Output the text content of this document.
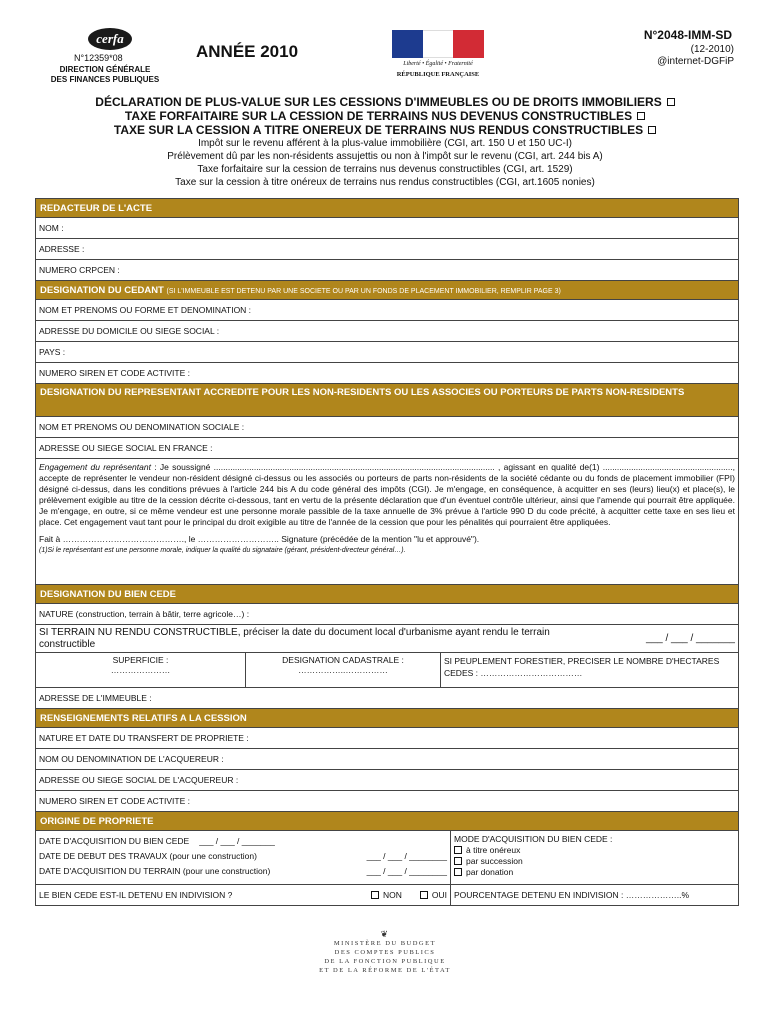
cerfa
N°12359*08
DIRECTION GÉNÉRALE
DES FINANCES PUBLIQUES
ANNÉE 2010
Liberté • Égalité • Fraternité
RÉPUBLIQUE FRANÇAISE
N°2048-IMM-SD
(12-2010)
@internet-DGFiP
DÉCLARATION DE PLUS-VALUE SUR LES CESSIONS D'IMMEUBLES OU DE DROITS IMMOBILIERS
TAXE FORFAITAIRE SUR LA CESSION DE TERRAINS NUS DEVENUS CONSTRUCTIBLES
TAXE SUR LA CESSION A TITRE ONEREUX DE TERRAINS NUS RENDUS CONSTRUCTIBLES
Impôt sur le revenu afférent à la plus-value immobilière (CGI, art. 150 U et 150 UC-I)
Prélèvement dû par les non-résidents assujettis ou non à l'impôt sur le revenu (CGI, art. 244 bis A)
Taxe forfaitaire sur la cession de terrains nus devenus constructibles (CGI, art. 1529)
Taxe sur la cession à titre onéreux de terrains nus rendus constructibles (CGI, art.1605 nonies)
REDACTEUR DE L'ACTE
NOM :
ADRESSE :
NUMERO CRPCEN :
DESIGNATION DU CEDANT (SI L'IMMEUBLE EST DETENU PAR UNE SOCIETE OU PAR UN FONDS DE PLACEMENT IMMOBILIER, REMPLIR PAGE 3)
NOM ET PRENOMS OU FORME ET DENOMINATION :
ADRESSE DU DOMICILE OU SIEGE SOCIAL :
PAYS :
NUMERO SIREN ET CODE ACTIVITE :
DESIGNATION DU REPRESENTANT ACCREDITE POUR LES NON-RESIDENTS OU LES ASSOCIES OU PORTEURS DE PARTS NON-RESIDENTS
NOM ET PRENOMS OU DENOMINATION SOCIALE :
ADRESSE OU SIEGE SOCIAL EN FRANCE :
Engagement du représentant : Je soussigné ....................................................................................................................... , agissant en qualité de(1) ......................................................., accepte de représenter le vendeur non-résident désigné ci-dessus ou les associés ou porteurs de parts non-résidents de la société cédante ou du fonds de placement immobilier (FPI) désigné ci-dessus, dans les conditions prévues à l'article 244 bis A du code général des impôts (CGI). Je m'engage, en conséquence, à acquitter en ses (leurs) lieu(x) et place(s), le prélèvement exigible au titre de la cession décrite ci-dessous, tant en vertu de la présente déclaration que d'un éventuel contrôle ultérieur, ainsi que l'amende qui pourrait être appliquée. Je m'engage, en outre, si ce même vendeur est une personne morale passible de la taxe annuelle de 3% prévue à l'article 990 D du code précité, à acquitter cette taxe en ses lieu et place. Cet engagement vaut tant pour le principal du droit exigible au titre de l'année de la cession que pour les pénalités qui pourraient être appliquées.
Fait à ……………………………………., le ……………………….. Signature (précédée de la mention "lu et approuvé").
(1)Si le représentant est une personne morale, indiquer la qualité du signataire (gérant, président-directeur général…).
DESIGNATION DU BIEN CEDE
NATURE (construction, terrain à bâtir, terre agricole…) :
SI TERRAIN NU RENDU CONSTRUCTIBLE, préciser la date du document local d'urbanisme ayant rendu le terrain constructible	___ / ___ / _______
SUPERFICIE :
…………………
DESIGNATION CADASTRALE :
……………..……………
SI PEUPLEMENT FORESTIER, PRECISER LE NOMBRE D'HECTARES CEDES : ………………………………
ADRESSE DE L'IMMEUBLE :
RENSEIGNEMENTS RELATIFS A LA CESSION
NATURE ET DATE DU TRANSFERT DE PROPRIETE :
NOM OU DENOMINATION DE L'ACQUEREUR :
ADRESSE OU SIEGE SOCIAL DE L'ACQUEREUR :
NUMERO SIREN ET CODE ACTIVITE :
ORIGINE DE PROPRIETE
DATE D'ACQUISITION DU BIEN CEDE ___ / ___ / _______
DATE DE DEBUT DES TRAVAUX (pour une construction)	___ / ___ / ________
DATE D'ACQUISITION DU TERRAIN (pour une construction)	___ / ___ / ________
MODE D'ACQUISITION DU BIEN CEDE :
à titre onéreux
par succession
par donation
LE BIEN CEDE EST-IL DETENU EN INDIVISION ?	NON	OUI POURCENTAGE DETENU EN INDIVISION : ………………..%
❦
MINISTÈRE DU BUDGET
DES COMPTES PUBLICS
DE LA FONCTION PUBLIQUE
ET DE LA RÉFORME DE L'ÉTAT
